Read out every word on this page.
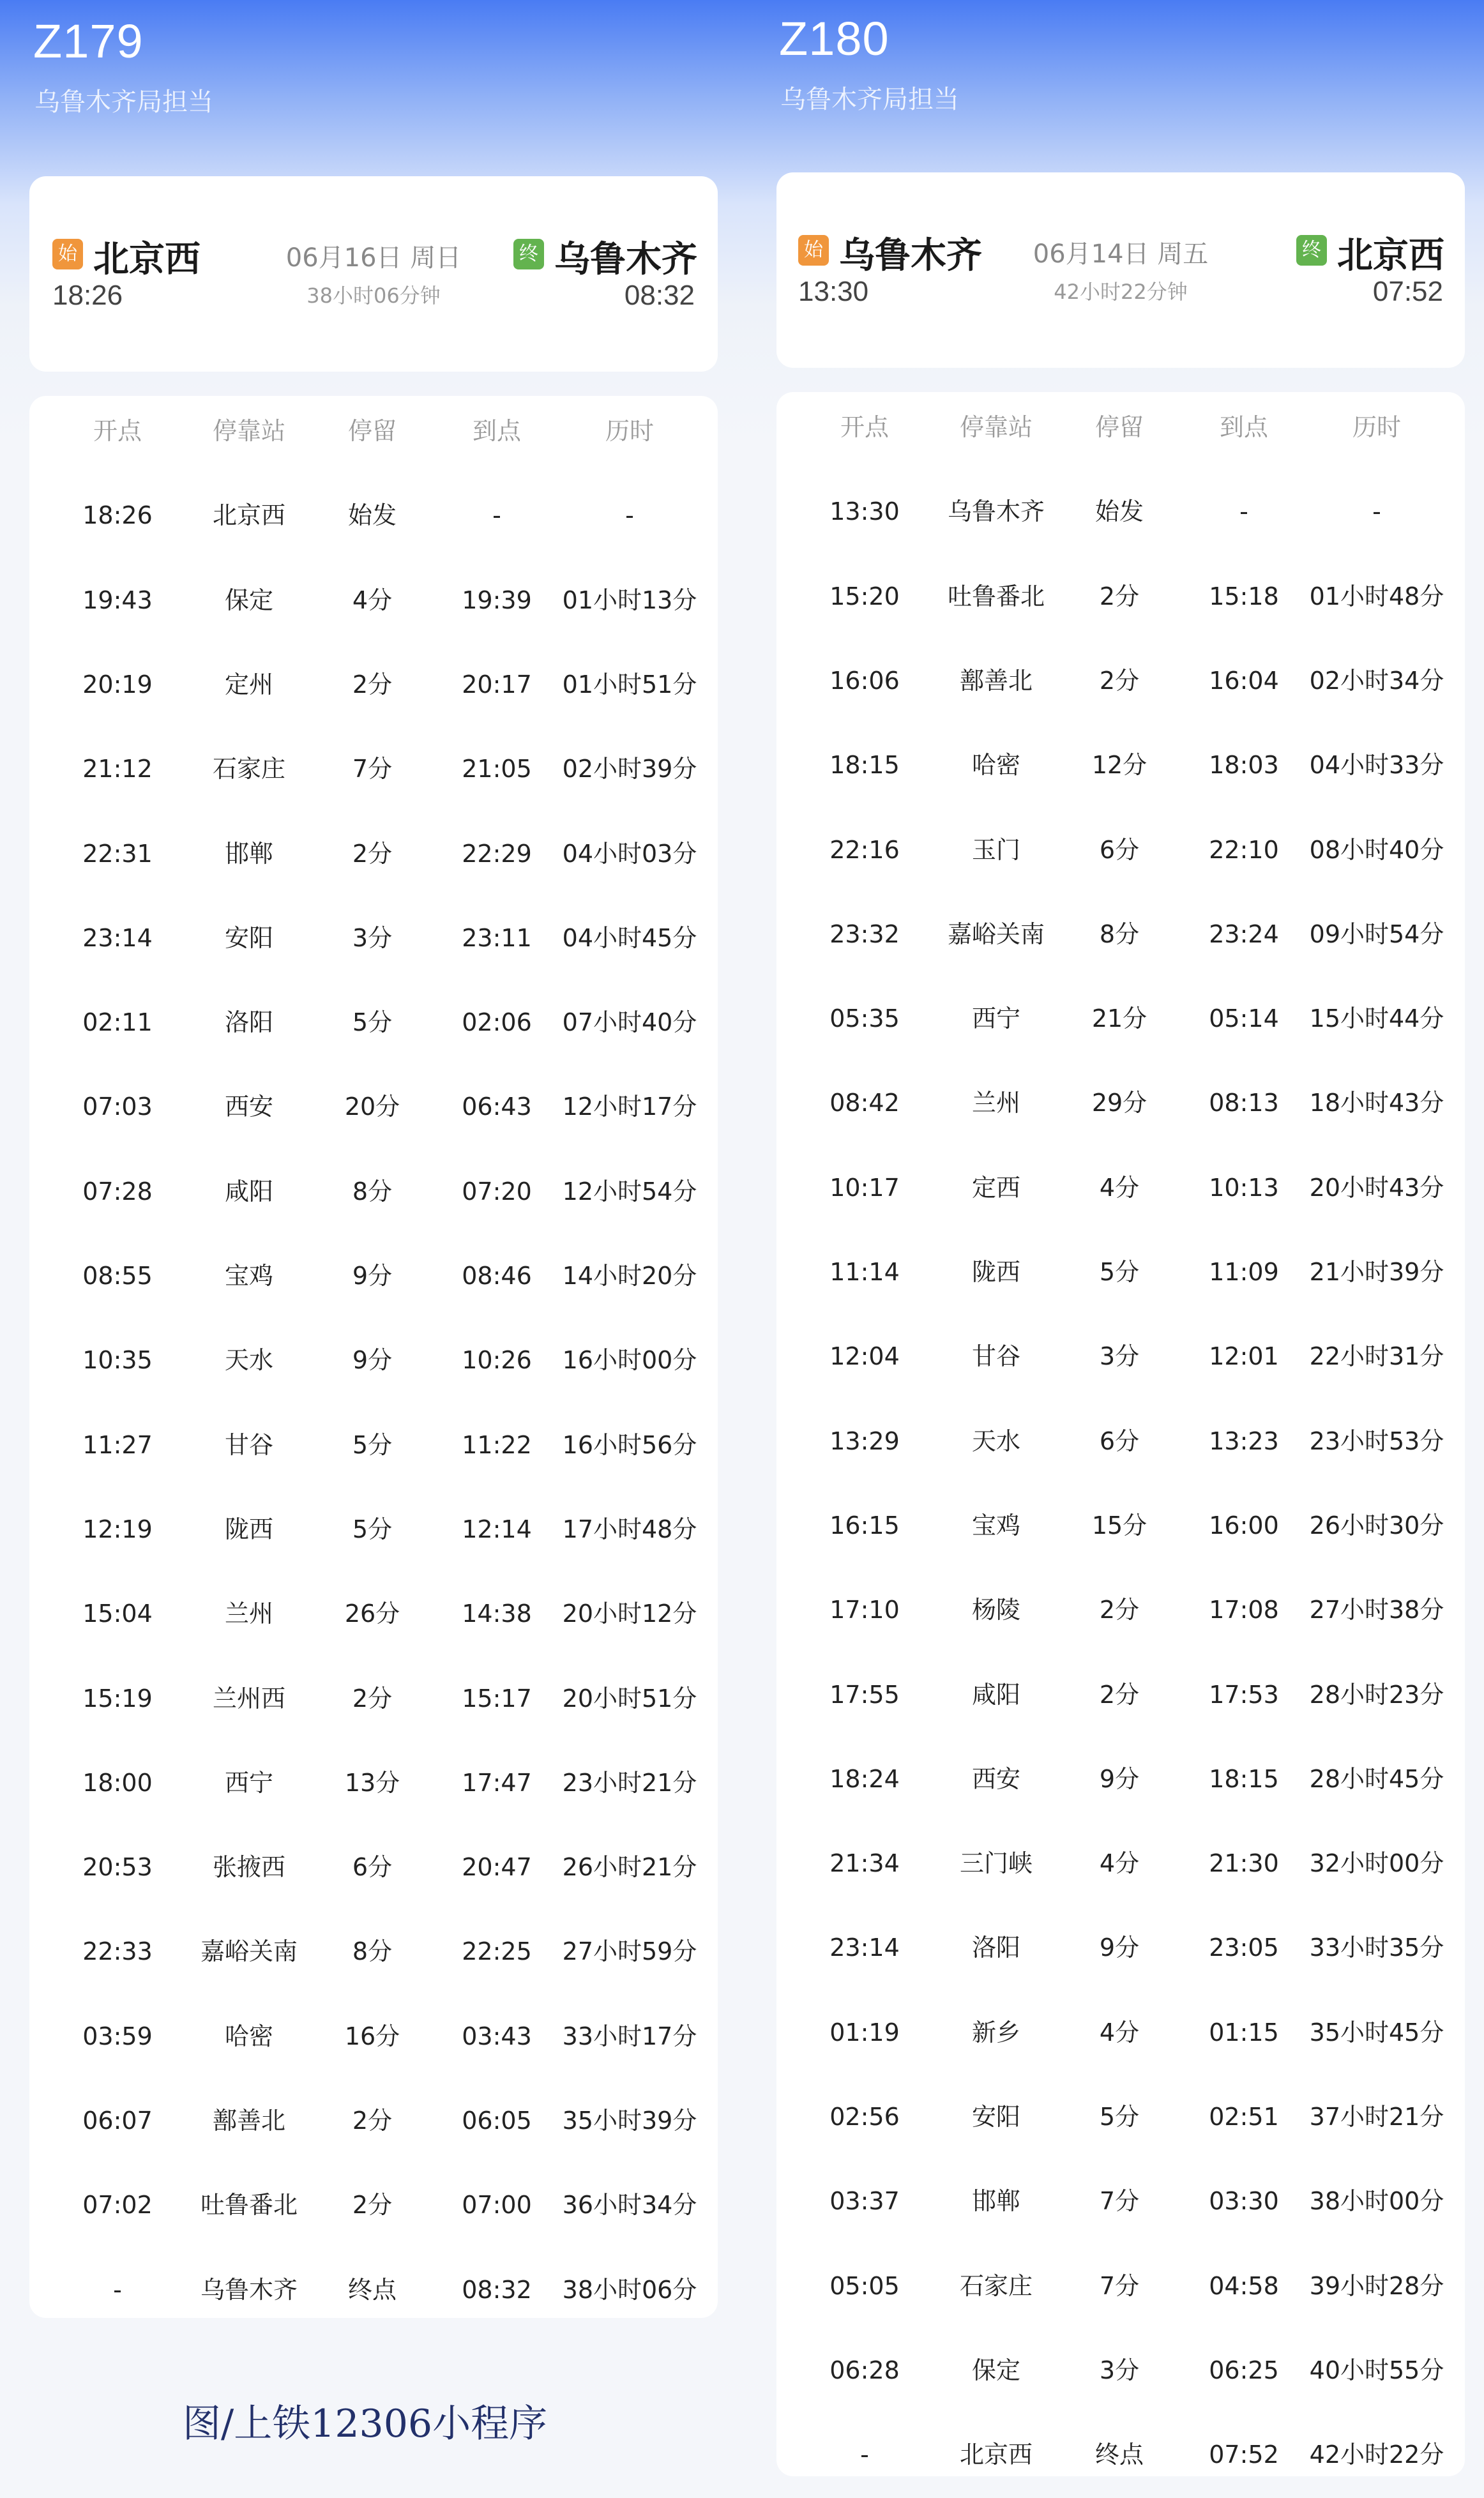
Z179
乌鲁木齐局担当
始 北京西
18:26
06月16日 周日
38小时06分钟
终 乌鲁木齐
08:32
开点	停靠站	停留	到点	历时
18:26 北京西	始发	-	-
19:43	保定	4分	19:39 01小时13分
20:19	定州	2分	20:17 01小时51分
21:12 石家庄	7分	21:05 02小时39分
22:31	邯郸	2分	22:29 04小时03分
23:14	安阳	3分	23:11 04小时45分
02:11	洛阳	5分	02:06 07小时40分
07:03	西安	20分	06:43 12小时17分
07:28	咸阳	8分	07:20 12小时54分
08:55	宝鸡	9分	08:46 14小时20分
10:35	天水	9分	10:26 16小时00分
11:27	甘谷	5分	11:22 16小时56分
12:19	陇西	5分	12:14 17小时48分
15:04	兰州	26分	14:38 20小时12分
15:19 兰州西	2分	15:17 20小时51分
18:00	西宁	13分	17:47 23小时21分
20:53 张掖西	6分	20:47 26小时21分
22:33 嘉峪关南 8分	22:25 27小时59分
03:59	哈密	16分	03:43 33小时17分
06:07 鄯善北	2分	06:05 35小时39分
07:02 吐鲁番北 2分	07:00 36小时34分
-	乌鲁木齐 终点	08:32 38小时06分
图/上铁12306小程序
Z180
乌鲁木齐局担当
始 乌鲁木齐
13:30
06月14日 周五
42小时22分钟
终 北京西
07:52
开点	停靠站	停留	到点	历时
13:30 乌鲁木齐 始发	-	-
15:20 吐鲁番北 2分	15:18 01小时48分
16:06 鄯善北	2分	16:04 02小时34分
18:15	哈密	12分	18:03 04小时33分
22:16	玉门	6分	22:10 08小时40分
23:32 嘉峪关南 8分	23:24 09小时54分
05:35	西宁	21分	05:14 15小时44分
08:42	兰州	29分	08:13 18小时43分
10:17	定西	4分	10:13 20小时43分
11:14	陇西	5分	11:09 21小时39分
12:04	甘谷	3分	12:01 22小时31分
13:29	天水	6分	13:23 23小时53分
16:15	宝鸡	15分	16:00 26小时30分
17:10	杨陵	2分	17:08 27小时38分
17:55	咸阳	2分	17:53 28小时23分
18:24	西安	9分	18:15 28小时45分
21:34 三门峡	4分	21:30 32小时00分
23:14	洛阳	9分	23:05 33小时35分
01:19	新乡	4分	01:15 35小时45分
02:56	安阳	5分	02:51 37小时21分
03:37	邯郸	7分	03:30 38小时00分
05:05 石家庄	7分	04:58 39小时28分
06:28	保定	3分	06:25 40小时55分
-	北京西	终点	07:52 42小时22分
